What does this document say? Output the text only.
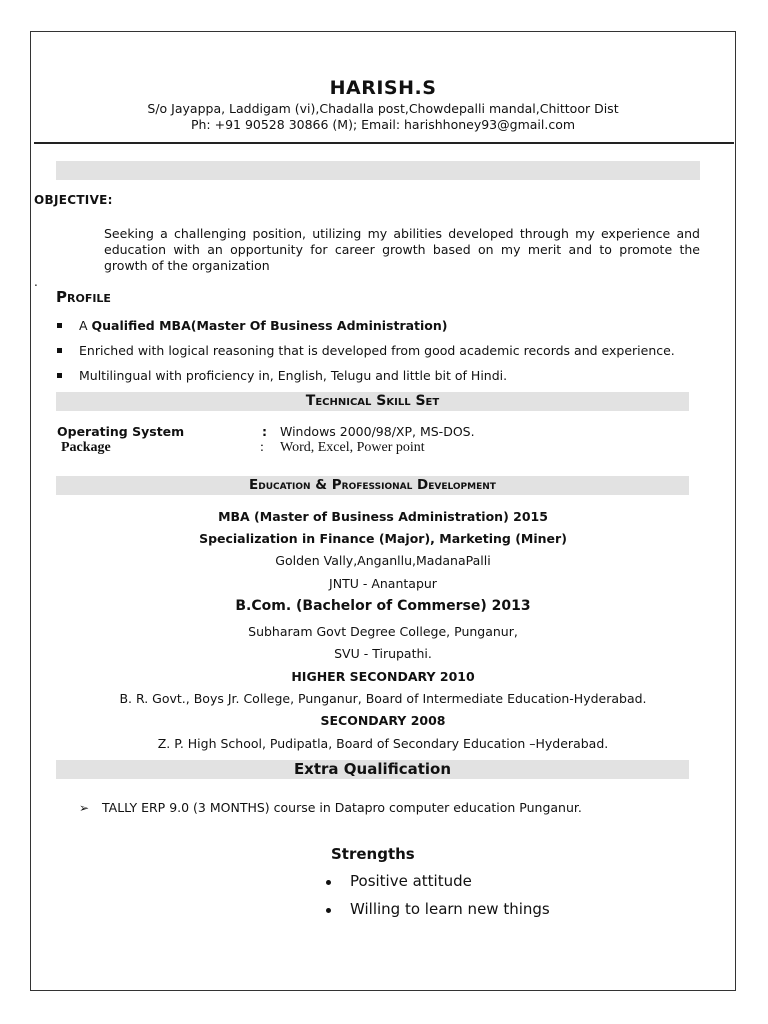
HARISH.S
S/o Jayappa, Laddigam (vi),Chadalla post,Chowdepalli mandal,Chittoor Dist
Ph: +91 90528 30866 (M); Email: harishhoney93@gmail.com
OBJECTIVE:
Seeking a challenging position, utilizing my abilities developed through my experience and education with an opportunity for career growth based on my merit and to promote the growth of the organization
.
Profile
A Qualified MBA(Master Of Business Administration)
Enriched with logical reasoning that is developed from good academic records and experience.
Multilingual with proficiency in, English, Telugu and little bit of Hindi.
Technical Skill Set
Operating System	: Windows 2000/98/XP, MS-DOS.
Package	: Word, Excel, Power point
Education & Professional Development
MBA (Master of Business Administration) 2015
Specialization in Finance (Major), Marketing (Miner)
Golden Vally,Anganllu,MadanaPalli
JNTU - Anantapur
B.Com. (Bachelor of Commerse) 2013
Subharam Govt Degree College, Punganur,
SVU - Tirupathi.
HIGHER SECONDARY 2010
B. R. Govt., Boys Jr. College, Punganur, Board of Intermediate Education-Hyderabad.
SECONDARY 2008
Z. P. High School, Pudipatla, Board of Secondary Education –Hyderabad.
Extra Qualification
➢ TALLY ERP 9.0 (3 MONTHS) course in Datapro computer education Punganur.
Strengths
Positive attitude
Willing to learn new things
